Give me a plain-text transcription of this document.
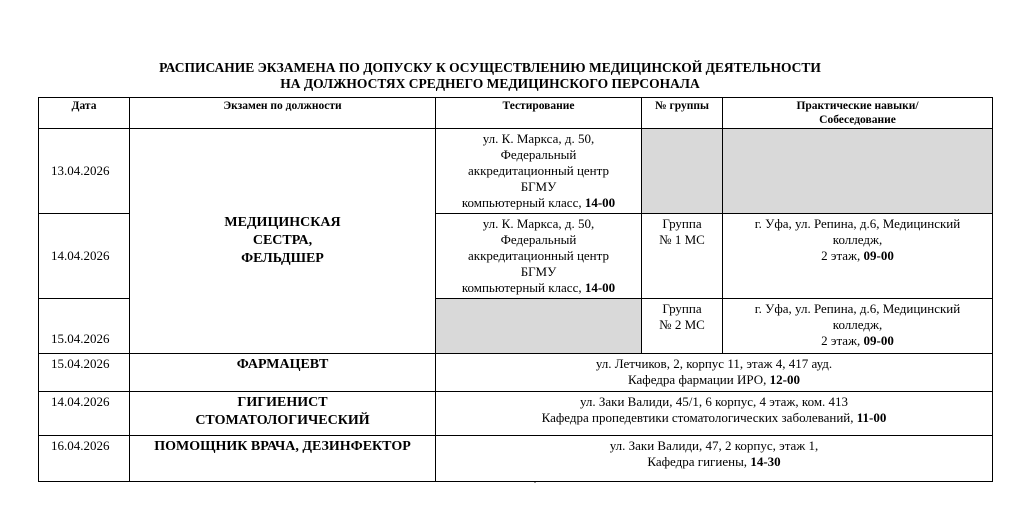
РАСПИСАНИЕ ЭКЗАМЕНА ПО ДОПУСКУ К ОСУЩЕСТВЛЕНИЮ МЕДИЦИНСКОЙ ДЕЯТЕЛЬНОСТИ
НА ДОЛЖНОСТЯХ СРЕДНЕГО МЕДИЦИНСКОГО ПЕРСОНАЛА
Дата	Экзамен по должности	Тестирование	№ группы	Практические навыки/
Собеседование

13.04.2026	МЕДИЦИНСКАЯ
СЕСТРА,
ФЕЛЬДШЕР	ул. К. Маркса, д. 50,
Федеральный
аккредитационный центр
БГМУ
компьютерный класс, 14-00		

14.04.2026		ул. К. Маркса, д. 50,
Федеральный
аккредитационный центр
БГМУ
компьютерный класс, 14-00	Группа
№ 1 МС	г. Уфа, ул. Репина, д.6, Медицинский
колледж,
2 этаж, 09-00

15.04.2026			Группа
№ 2 МС	г. Уфа, ул. Репина, д.6, Медицинский
колледж,
2 этаж, 09-00

15.04.2026	ФАРМАЦЕВТ	ул. Летчиков, 2, корпус 11, этаж 4, 417 ауд.
Кафедра фармации ИРО, 12-00		

14.04.2026	ГИГИЕНИСТ
СТОМАТОЛОГИЧЕСКИЙ	ул. Заки Валиди, 45/1, 6 корпус, 4 этаж, ком. 413
Кафедра пропедевтики стоматологических заболеваний, 11-00		

16.04.2026	ПОМОЩНИК ВРАЧА, ДЕЗИНФЕКТОР	ул. Заки Валиди, 47, 2 корпус, этаж 1,
Кафедра гигиены, 14-30		
